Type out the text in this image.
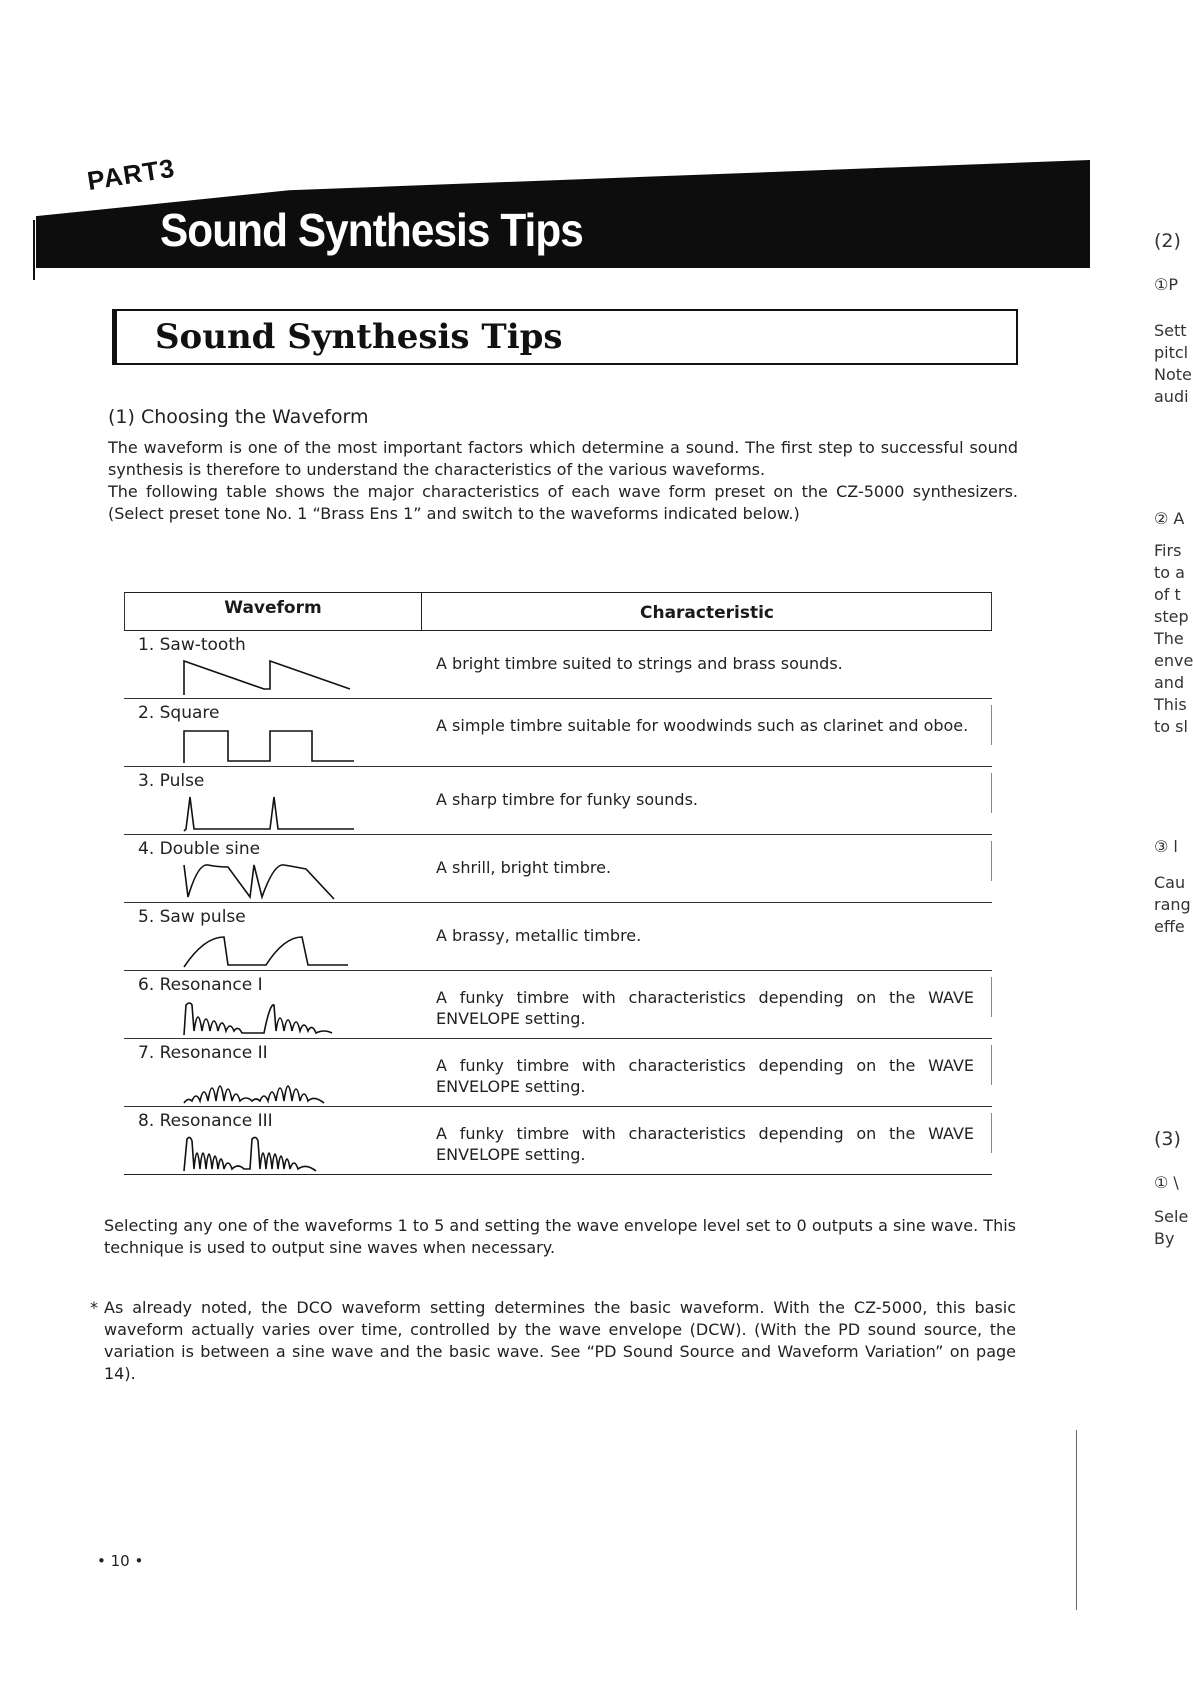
PART3
Sound Synthesis Tips
Sound Synthesis Tips
(1) Choosing the Waveform
The waveform is one of the most important factors which determine a sound. The first step to successful sound synthesis is therefore to understand the characteristics of the various waveforms.
The following table shows the major characteristics of each wave form preset on the CZ-5000 synthesizers. (Select preset tone No. 1 “Brass Ens 1” and switch to the waveforms indicated below.)
Waveform	Characteristic
1. Saw-tooth
A bright timbre suited to strings and brass sounds.
2. Square
A simple timbre suitable for woodwinds such as clarinet and oboe.
3. Pulse
A sharp timbre for funky sounds.
4. Double sine
A shrill, bright timbre.
5. Saw pulse
A brassy, metallic timbre.
6. Resonance I
A funky timbre with characteristics depending on the WAVE ENVELOPE setting.
7. Resonance II
A funky timbre with characteristics depending on the WAVE ENVELOPE setting.
8. Resonance III
A funky timbre with characteristics depending on the WAVE ENVELOPE setting.
Selecting any one of the waveforms 1 to 5 and setting the wave envelope level set to 0 outputs a sine wave. This technique is used to output sine waves when necessary.
* As already noted, the DCO waveform setting determines the basic waveform. With the CZ-5000, this basic waveform actually varies over time, controlled by the wave envelope (DCW). (With the PD sound source, the variation is between a sine wave and the basic wave. See “PD Sound Source and Waveform Variation” on page 14).
• 10 •
(2)
①P
Sett
pitcl
Note
audi
② A
Firs
to a
of t
step
The
enve
and
This
to sl
③ l
Cau
rang
effe
(3)
① \
Sele
By
